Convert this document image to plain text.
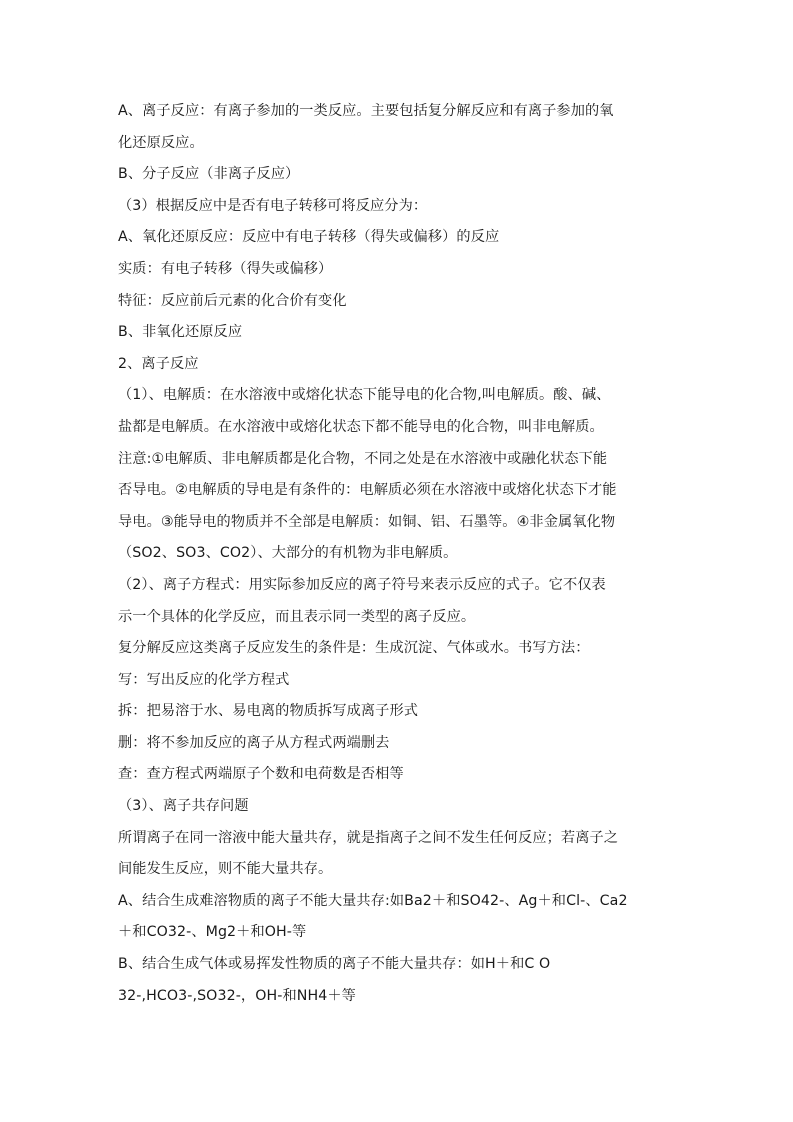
A、离子反应：有离子参加的一类反应。主要包括复分解反应和有离子参加的氧
化还原反应。
B、分子反应（非离子反应）
（3）根据反应中是否有电子转移可将反应分为：
A、氧化还原反应：反应中有电子转移（得失或偏移）的反应
实质：有电子转移（得失或偏移）
特征：反应前后元素的化合价有变化
B、非氧化还原反应
2、离子反应
（1）、电解质：在水溶液中或熔化状态下能导电的化合物,叫电解质。酸、碱、
盐都是电解质。在水溶液中或熔化状态下都不能导电的化合物，叫非电解质。
注意:①电解质、非电解质都是化合物，不同之处是在水溶液中或融化状态下能
否导电。②电解质的导电是有条件的：电解质必须在水溶液中或熔化状态下才能
导电。③能导电的物质并不全部是电解质：如铜、铝、石墨等。④非金属氧化物
（SO2、SO3、CO2）、大部分的有机物为非电解质。
（2）、离子方程式：用实际参加反应的离子符号来表示反应的式子。它不仅表
示一个具体的化学反应，而且表示同一类型的离子反应。
复分解反应这类离子反应发生的条件是：生成沉淀、气体或水。书写方法：
写：写出反应的化学方程式
拆：把易溶于水、易电离的物质拆写成离子形式
删：将不参加反应的离子从方程式两端删去
查：查方程式两端原子个数和电荷数是否相等
（3）、离子共存问题
所谓离子在同一溶液中能大量共存，就是指离子之间不发生任何反应；若离子之
间能发生反应，则不能大量共存。
A、结合生成难溶物质的离子不能大量共存:如Ba2＋和SO42-、Ag＋和Cl-、Ca2
＋和CO32-、Mg2＋和OH-等
B、结合生成气体或易挥发性物质的离子不能大量共存：如H＋和C O
32-,HCO3-,SO32-，OH-和NH4＋等
